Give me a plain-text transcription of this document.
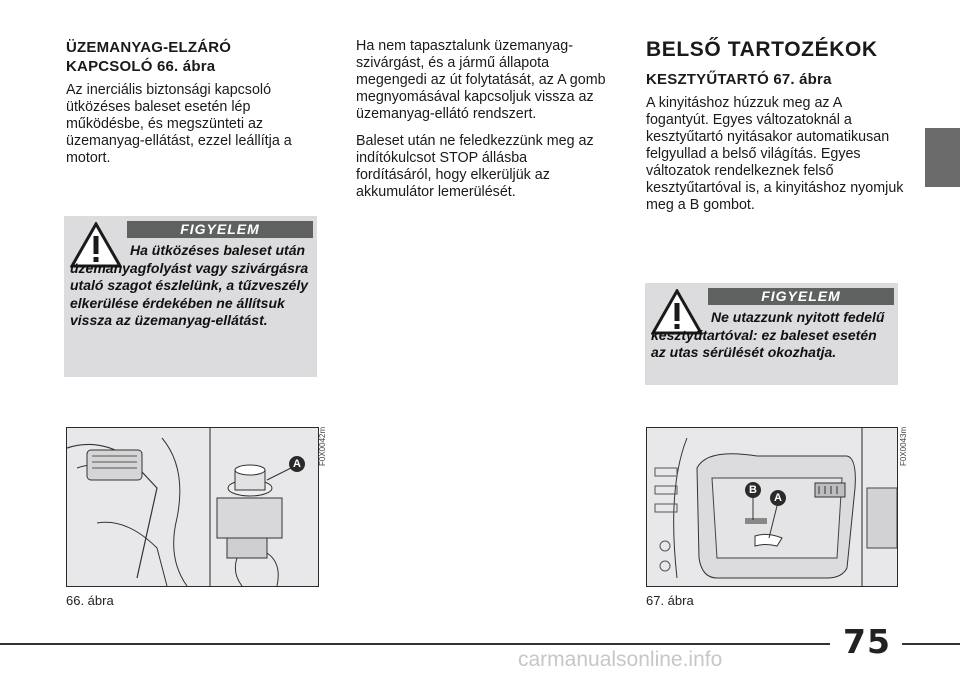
ÜZEMANYAG-ELZÁRÓ KAPCSOLÓ 66. ábra

Az inerciális biztonsági kapcsoló ütközéses baleset esetén lép működésbe, és megszünteti az üzemanyag-ellátást, ezzel leállítja a motort.

FIGYELEM
Ha ütközéses baleset után üzemanyagfolyást vagy szivárgásra utaló szagot észlelünk, a tűzveszély elkerülése érdekében ne állítsuk vissza az üzemanyag-ellátást.
A	F0X0042m
66. ábra

Ha nem tapasztalunk üzemanyag-szivárgást, és a jármű állapota megengedi az út folytatását, az A gomb megnyomásával kapcsoljuk vissza az üzemanyag-ellátó rendszert.

Baleset után ne feledkezzünk meg az indítókulcsot STOP állásba fordításáról, hogy elkerüljük az akkumulátor lemerülését.

BELSŐ TARTOZÉKOK
KESZTYŰTARTÓ 67. ábra

A kinyitáshoz húzzuk meg az A fogantyút. Egyes változatoknál a kesztyűtartó nyitásakor automatikusan felgyullad a belső világítás. Egyes változatok rendelkeznek felső kesztyűtartóval is, a kinyitáshoz nyomjuk meg a B gombot.

FIGYELEM
Ne utazzunk nyitott fedelű kesztyűtartóval: ez baleset esetén az utas sérülését okozhatja.
B
A
F0X0043m
67. ábra
75
carmanualsonline.info
